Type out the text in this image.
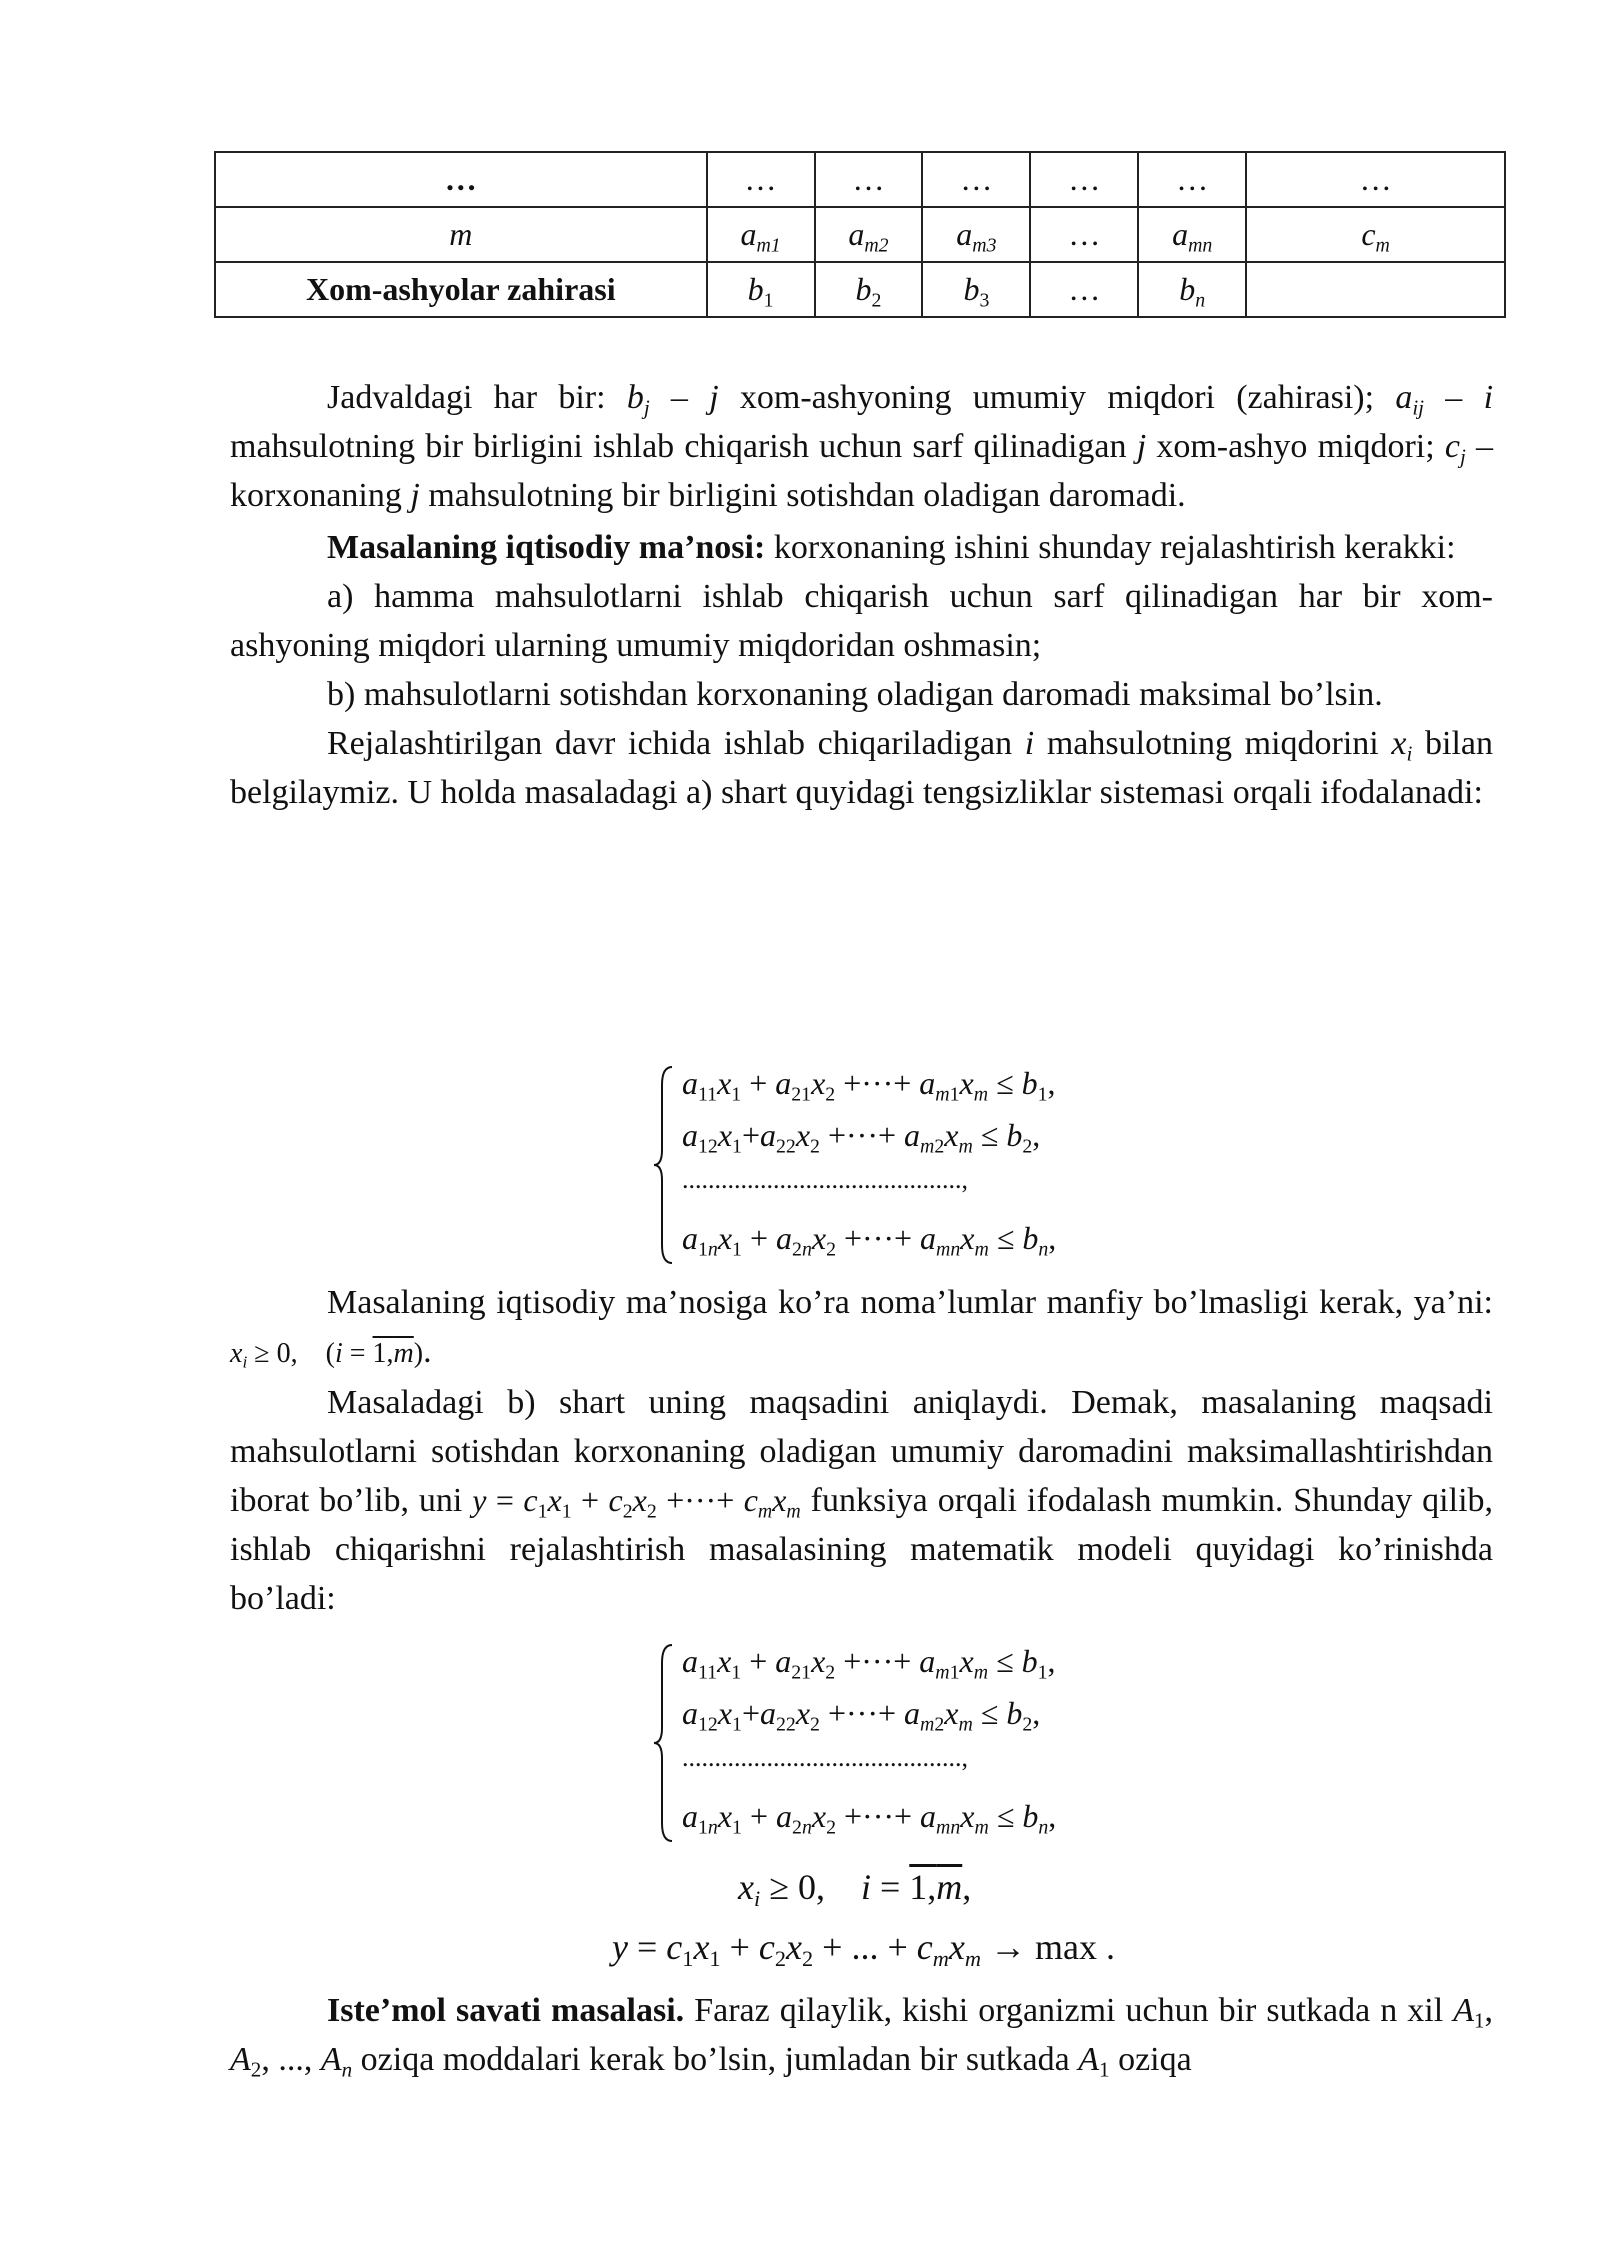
…	…	…	…	…	…	…
m	$a_{m1}$	$a_{m2}$	$a_{m3}$	…	$a_{mn}$	$c_m$
Xom-ashyolar zahirasi	$b_1$	$b_2$	$b_3$	…	$b_n$	

Jadvaldagi har bir: $b_j$ – j xom-ashyoning umumiy miqdori (zahirasi); $a_{ij}$ – i mahsulotning bir birligini ishlab chiqarish uchun sarf qilinadigan j xom-ashyo miqdori; $c_j$ – korxonaning j mahsulotning bir birligini sotishdan oladigan daromadi.

Masalaning iqtisodiy ma’nosi: korxonaning ishini shunday rejalashtirish kerakki:

a) hamma mahsulotlarni ishlab chiqarish uchun sarf qilinadigan har bir xom-ashyoning miqdori ularning umumiy miqdoridan oshmasin;

b) mahsulotlarni sotishdan korxonaning oladigan daromadi maksimal bo’lsin.

Rejalashtirilgan davr ichida ishlab chiqariladigan i mahsulotning miqdorini $x_i$ bilan belgilaymiz. U holda masaladagi a) shart quyidagi tengsizliklar sistemasi orqali ifodalanadi:

$a_{11}x_1 + a_{21}x_2$ +···+ $a_{m1}x_m \le b_1$,
$a_{12}x_1+a_{22}x_2$ +···+ $a_{m2}x_m \le b_2$,
...........................................,
$a_{1n}x_1 + a_{2n}x_2$ +···+ $a_{mn}x_m \le b_n$,

Masalaning iqtisodiy ma’nosiga ko’ra noma’lumlar manfiy bo’lmasligi kerak, ya’ni: $x_i \ge 0$,    (i = 1,m).

Masaladagi b) shart uning maqsadini aniqlaydi. Demak, masalaning maqsadi mahsulotlarni sotishdan korxonaning oladigan umumiy daromadini maksimallashtirishdan iborat bo’lib, uni $y = c_1x_1 + c_2x_2$ +···+ $c_mx_m$ funksiya orqali ifodalash mumkin. Shunday qilib, ishlab chiqarishni rejalashtirish masalasining matematik modeli quyidagi ko’rinishda bo’ladi:

$a_{11}x_1 + a_{21}x_2$ +···+ $a_{m1}x_m \le b_1$,
$a_{12}x_1+a_{22}x_2$ +···+ $a_{m2}x_m \le b_2$,
...........................................,
$a_{1n}x_1 + a_{2n}x_2$ +···+ $a_{mn}x_m \le b_n$,
$x_i \ge 0$,    i = 1,m,
$y = c_1x_1 + c_2x_2$ + ... + $c_mx_m \to \max$ .

Iste’mol savati masalasi. Faraz qilaylik, kishi organizmi uchun bir sutkada n xil $A_1$, $A_2$, ..., $A_n$ oziqa moddalari kerak bo’lsin, jumladan bir sutkada $A_1$ oziqa
